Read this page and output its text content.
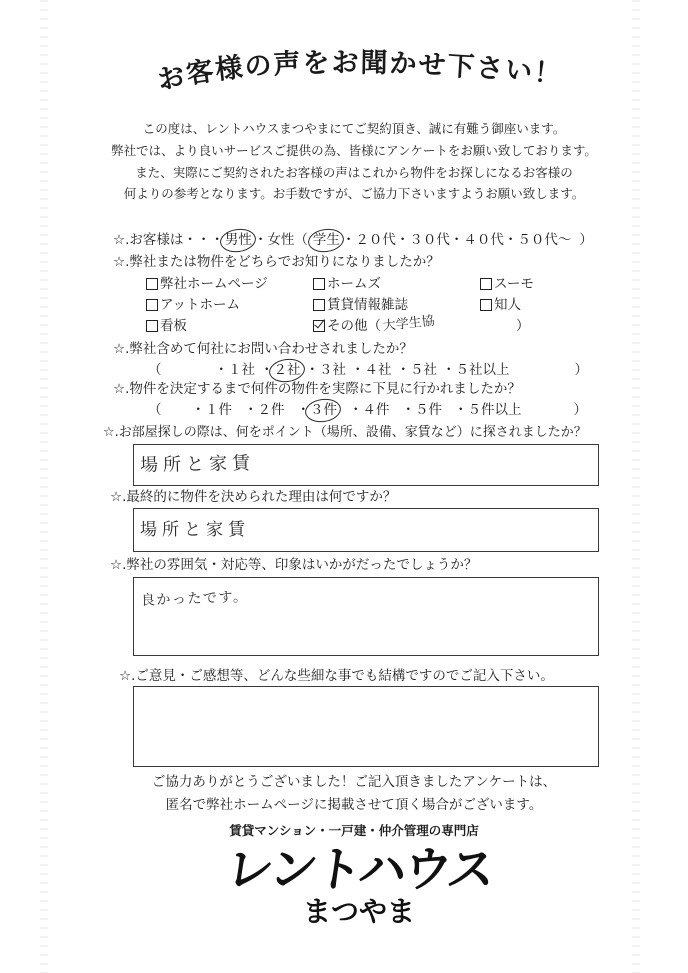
お客様の声をお聞かせ下さい！
この度は、レントハウスまつやまにてご契約頂き、誠に有難う御座います。
弊社では、より良いサービスご提供の為、皆様にアンケートをお願い致しております。
また、実際にご契約されたお客様の声はこれから物件をお探しになるお客様の
何よりの参考となります。お手数ですが、ご協力下さいますようお願い致します。
☆.お客様は・・・ 男性 ・ 女性 （ 学生 ・ ２０代 ・ ３０代 ・ ４０代 ・ ５０代～ ）
☆.弊社または物件をどちらでお知りになりましたか？
弊社ホームページ	ホームズ	スーモ
アットホーム	賃貸情報雑誌	知人
看板	その他 （ 大学生協	）
☆.弊社含めて何社にお問い合わせされましたか？
（	・ １社 ・ ２社 ・ ３社 ・ ４社 ・ ５社 ・ ５社以上	）
☆.物件を決定するまで何件の物件を実際に下見に行かれましたか？
（ ・ １件 ・ ２件 ・ ３件 ・ ４件 ・ ５件 ・ ５件以上	）
☆.お部屋探しの際は、何をポイント（場所、設備、家賃など）に探されましたか？
場所と家賃
☆.最終的に物件を決められた理由は何ですか？
場所と家賃
☆.弊社の雰囲気・対応等、印象はいかがだったでしょうか？
良かったです。
☆.ご意見・ご感想等、どんな些細な事でも結構ですのでご記入下さい。
ご協力ありがとうございました！ご記入頂きましたアンケートは、
匿名で弊社ホームページに掲載させて頂く場合がございます。
賃貸マンション・一戸建・仲介管理の専門店
レントハウス
まつやま
